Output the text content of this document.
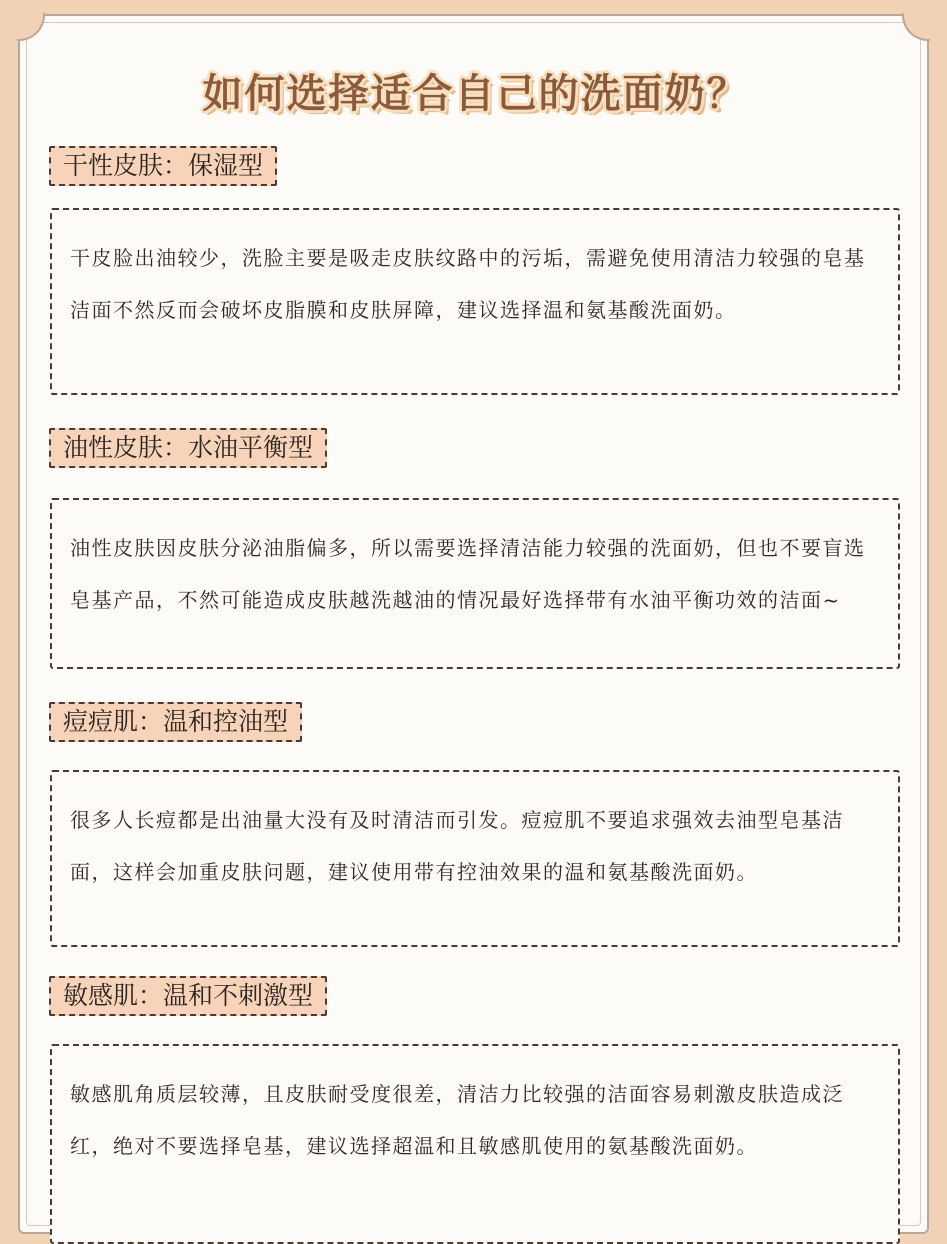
如何选择适合自己的洗面奶？
干性皮肤：保湿型

干皮脸出油较少，洗脸主要是吸走皮肤纹路中的污垢，需避免使用清洁力较强的皂基洁面不然反而会破坏皮脂膜和皮肤屏障，建议选择温和氨基酸洗面奶。

油性皮肤：水油平衡型

油性皮肤因皮肤分泌油脂偏多，所以需要选择清洁能力较强的洗面奶，但也不要盲选皂基产品，不然可能造成皮肤越洗越油的情况最好选择带有水油平衡功效的洁面~

痘痘肌：温和控油型

很多人长痘都是出油量大没有及时清洁而引发。痘痘肌不要追求强效去油型皂基洁面，这样会加重皮肤问题，建议使用带有控油效果的温和氨基酸洗面奶。

敏感肌：温和不刺激型

敏感肌角质层较薄，且皮肤耐受度很差，清洁力比较强的洁面容易刺激皮肤造成泛红，绝对不要选择皂基，建议选择超温和且敏感肌使用的氨基酸洗面奶。
